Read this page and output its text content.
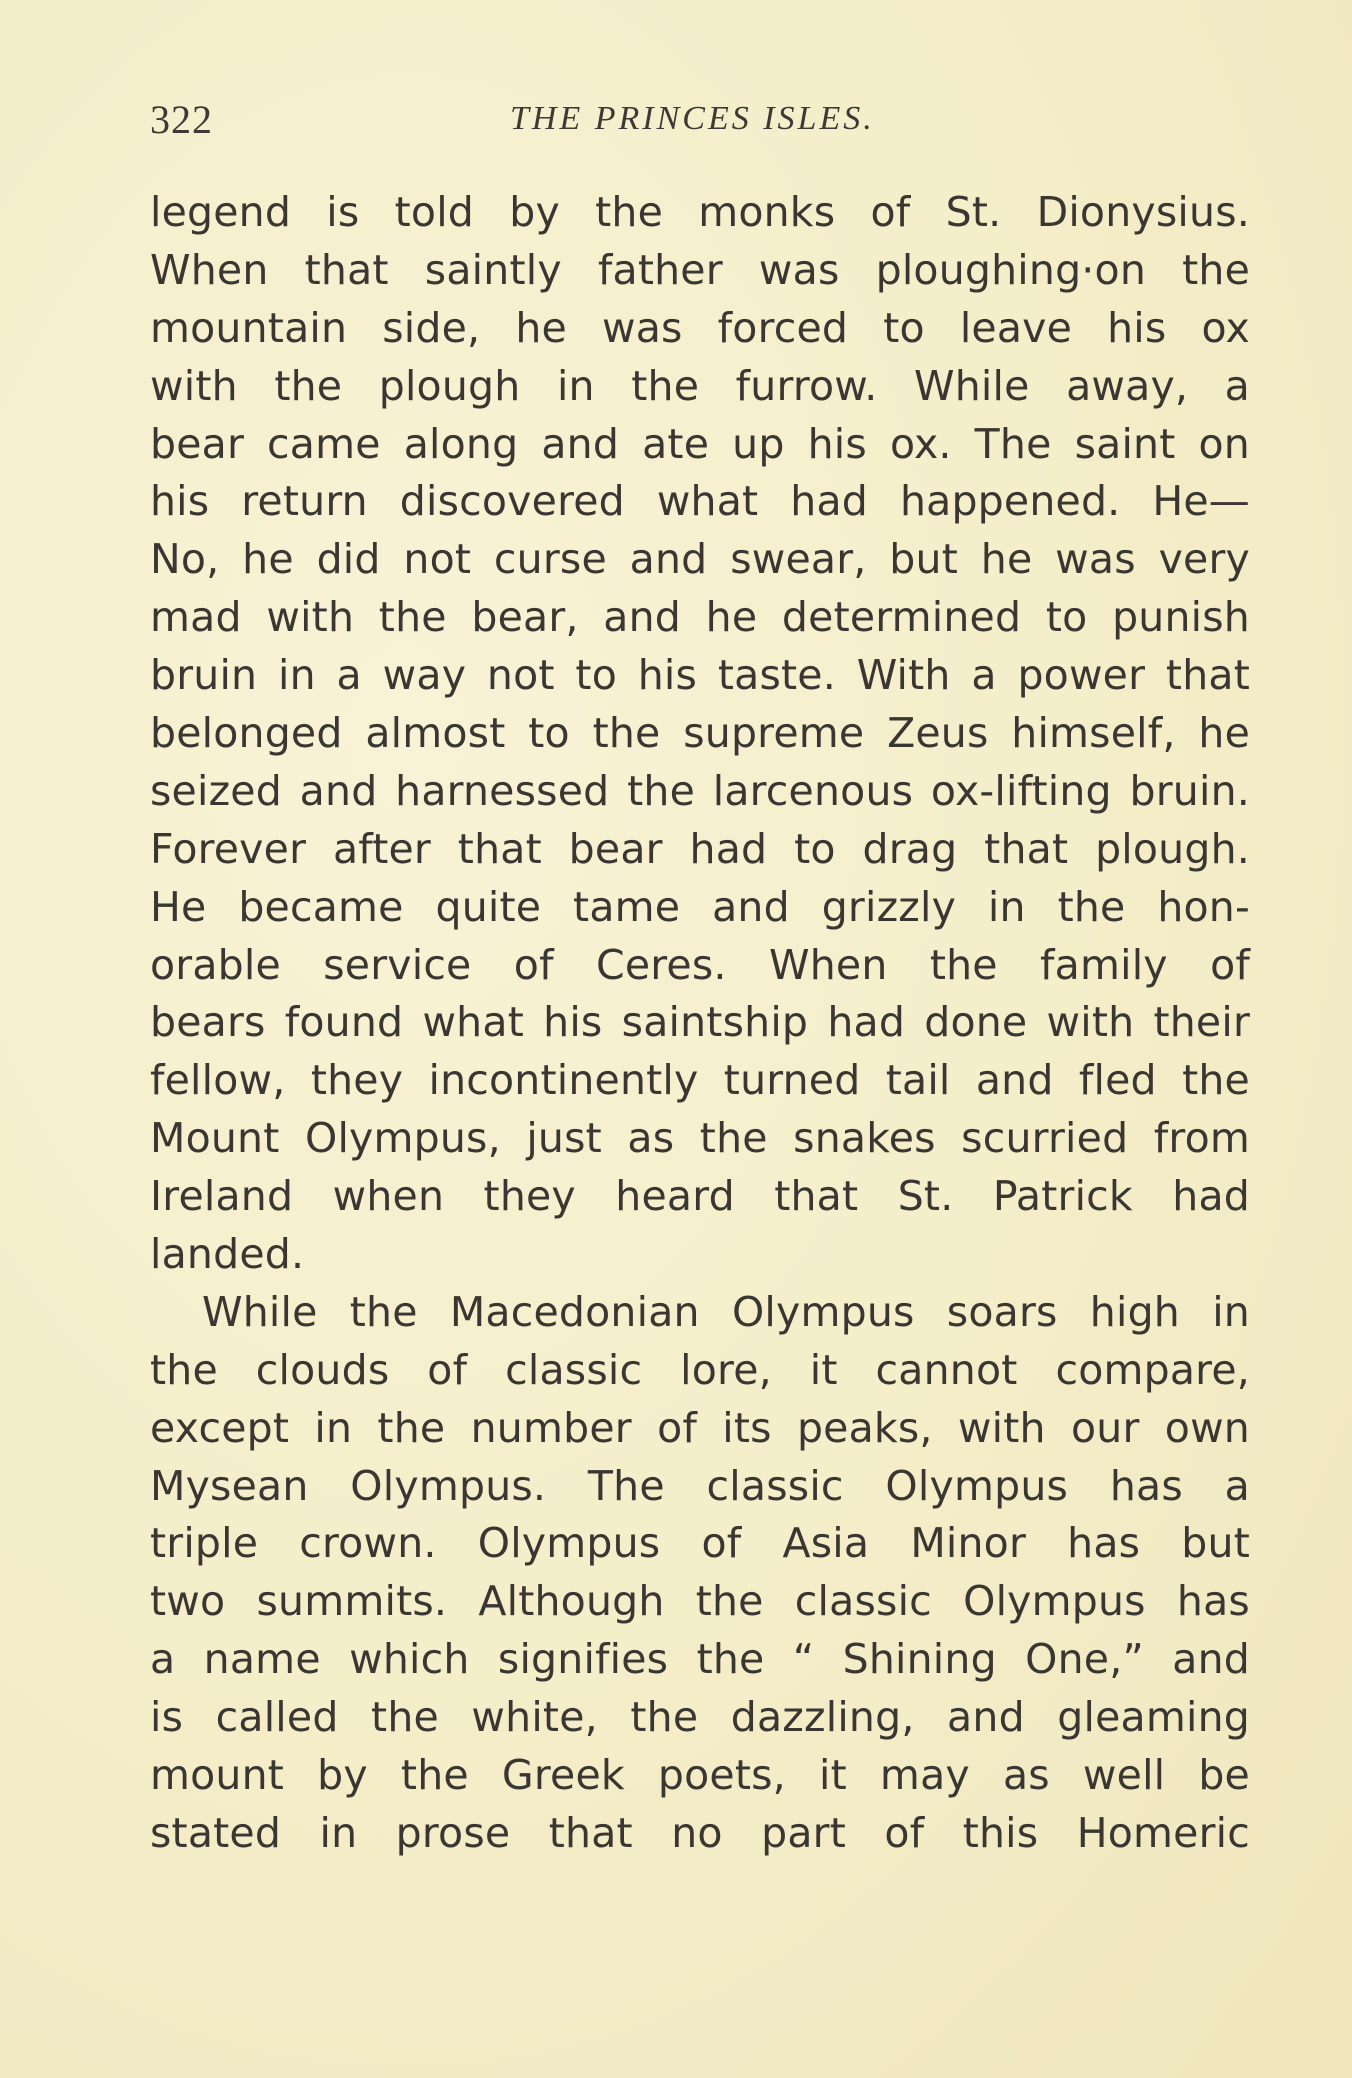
322	THE PRINCES ISLES.
legend is told by the monks of St. Dionysius.
When that saintly father was ploughing·on the
mountain side, he was forced to leave his ox
with the plough in the furrow. While away, a
bear came along and ate up his ox. The saint on
his return discovered what had happened. He—
No, he did not curse and swear, but he was very
mad with the bear, and he determined to punish
bruin in a way not to his taste. With a power that
belonged almost to the supreme Zeus himself, he
seized and harnessed the larcenous ox-lifting bruin.
Forever after that bear had to drag that plough.
He became quite tame and grizzly in the hon-
orable service of Ceres. When the family of
bears found what his saintship had done with their
fellow, they incontinently turned tail and fled the
Mount Olympus, just as the snakes scurried from
Ireland when they heard that St. Patrick had
landed.
While the Macedonian Olympus soars high in
the clouds of classic lore, it cannot compare,
except in the number of its peaks, with our own
Mysean Olympus. The classic Olympus has a
triple crown. Olympus of Asia Minor has but
two summits. Although the classic Olympus has
a name which signifies the “ Shining One,” and
is called the white, the dazzling, and gleaming
mount by the Greek poets, it may as well be
stated in prose that no part of this Homeric
